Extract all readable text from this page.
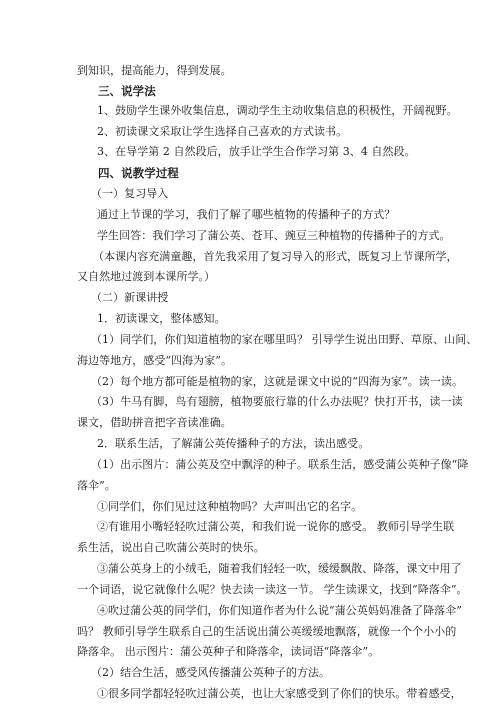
到知识，提高能力，得到发展。
三、说学法
1、鼓励学生课外收集信息，调动学生主动收集信息的积极性，开阔视野。
2、初读课文采取让学生选择自己喜欢的方式读书。
3、在导学第 2 自然段后，放手让学生合作学习第 3、4 自然段。
四、说教学过程
（一）复习导入
通过上节课的学习，我们了解了哪些植物的传播种子的方式？
学生回答：我们学习了蒲公英、苍耳、豌豆三种植物的传播种子的方式。
（本课内容充满童趣，首先我采用了复习导入的形式，既复习上节课所学，
又自然地过渡到本课所学。）
（二）新课讲授
1．初读课文，整体感知。
（1）同学们，你们知道植物的家在哪里吗？ 引导学生说出田野、草原、山间、
海边等地方，感受“四海为家”。
（2）每个地方都可能是植物的家，这就是课文中说的“四海为家”。读一读。
（3）牛马有脚，鸟有翅膀，植物要旅行靠的什么办法呢？快打开书，读一读
课文，借助拼音把字音读准确。
2．联系生活，了解蒲公英传播种子的方法，读出感受。
（1）出示图片：蒲公英及空中飘浮的种子。联系生活，感受蒲公英种子像“降
落伞”。
①同学们，你们见过这种植物吗？大声叫出它的名字。
②有谁用小嘴轻轻吹过蒲公英，和我们说一说你的感受。 教师引导学生联
系生活，说出自己吹蒲公英时的快乐。
③蒲公英身上的小绒毛，随着我们轻轻一吹，缓缓飘散、降落，课文中用了
一个词语，说它就像什么呢？快去读一读这一节。 学生读课文，找到“降落伞”。
④吹过蒲公英的同学们，你们知道作者为什么说“蒲公英妈妈准备了降落伞”
吗？ 教师引导学生联系自己的生活说出蒲公英缓缓地飘落，就像一个个小小的
降落伞。 出示图片：蒲公英种子和降落伞，读词语“降落伞”。
（2）结合生活，感受风传播蒲公英种子的方法。
①很多同学都轻轻吹过蒲公英，也让大家感受到了你们的快乐。带着感受，
